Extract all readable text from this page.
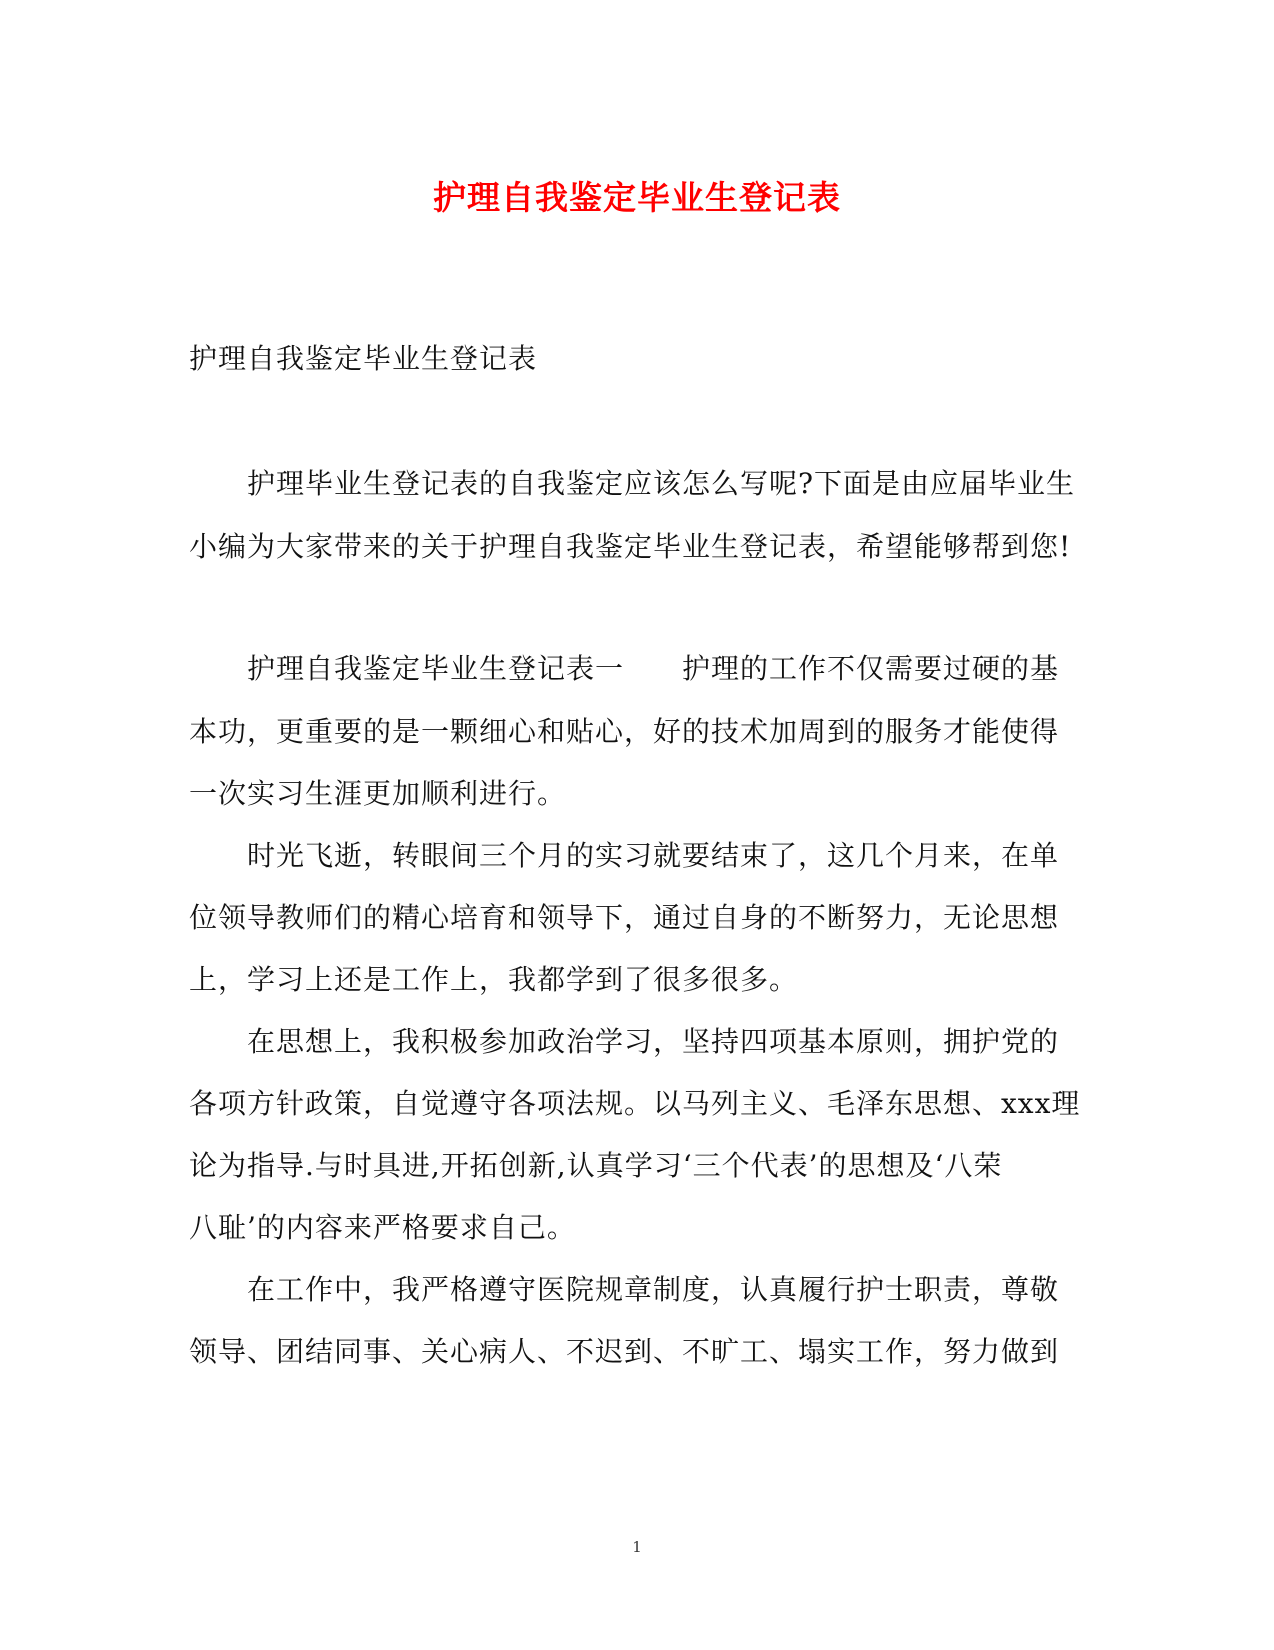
护理自我鉴定毕业生登记表
护理自我鉴定毕业生登记表
　　护理毕业生登记表的自我鉴定应该怎么写呢?下面是由应届毕业生
小编为大家带来的关于护理自我鉴定毕业生登记表，希望能够帮到您!
　　护理自我鉴定毕业生登记表一　　护理的工作不仅需要过硬的基
本功，更重要的是一颗细心和贴心，好的技术加周到的服务才能使得
一次实习生涯更加顺利进行。
　　时光飞逝，转眼间三个月的实习就要结束了，这几个月来，在单
位领导教师们的精心培育和领导下，通过自身的不断努力，无论思想
上，学习上还是工作上，我都学到了很多很多。
　　在思想上，我积极参加政治学习，坚持四项基本原则，拥护党的
各项方针政策，自觉遵守各项法规。以马列主义、毛泽东思想、xxx理
论为指导.与时具进,开拓创新,认真学习‘三个代表’的思想及‘八荣
八耻’的内容来严格要求自己。
　　在工作中，我严格遵守医院规章制度，认真履行护士职责，尊敬
领导、团结同事、关心病人、不迟到、不旷工、塌实工作，努力做到
1
